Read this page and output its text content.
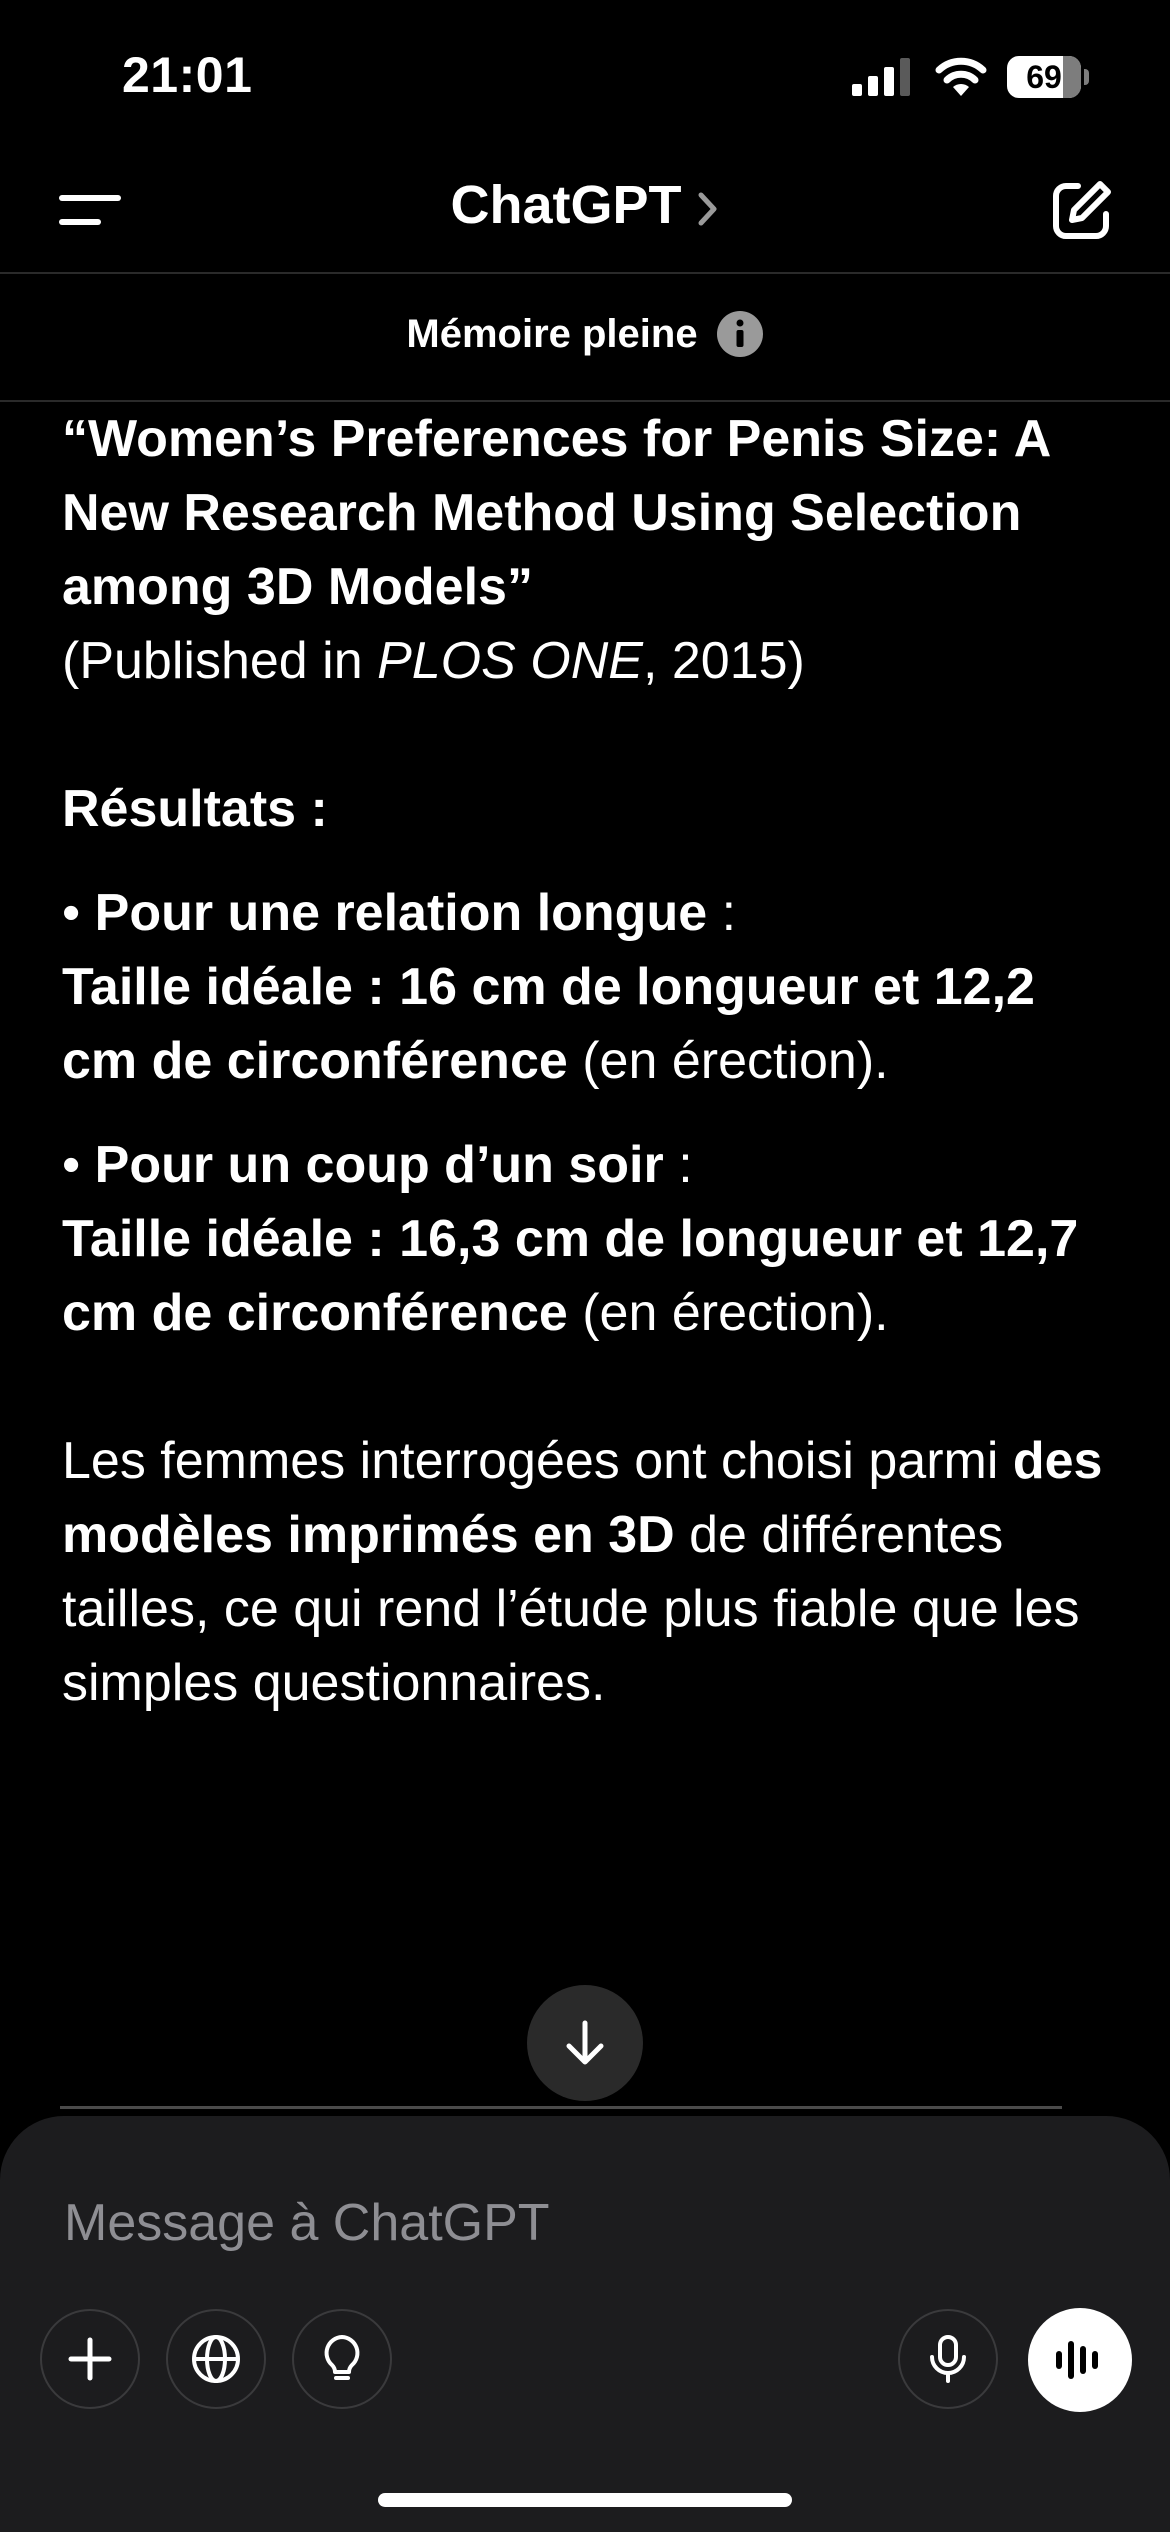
21:01	69
ChatGPT
Mémoire pleine

“Women’s Preferences for Penis Size: A New Research Method Using Selection among 3D Models”

(Published in PLOS ONE, 2015)

Résultats :

• Pour une relation longue :
Taille idéale : 16 cm de longueur et 12,2 cm de circonférence (en érection).

• Pour un coup d’un soir :
Taille idéale : 16,3 cm de longueur et 12,7 cm de circonférence (en érection).

Les femmes interrogées ont choisi parmi des modèles imprimés en 3D de différentes tailles, ce qui rend l’étude plus fiable que les simples questionnaires.

Message à ChatGPT
